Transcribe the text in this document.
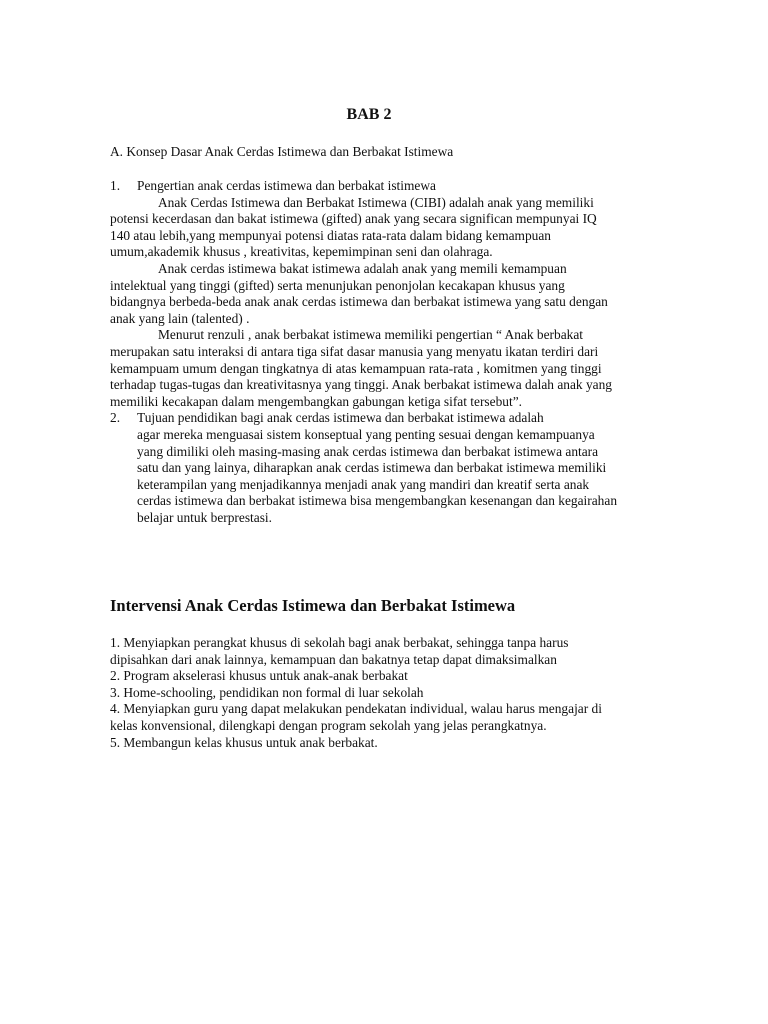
BAB 2

A. Konsep Dasar Anak Cerdas Istimewa dan Berbakat Istimewa

1.	Pengertian anak cerdas istimewa dan berbakat istimewa

Anak Cerdas Istimewa dan Berbakat Istimewa (CIBI) adalah anak yang memiliki potensi kecerdasan dan bakat istimewa (gifted) anak yang secara significan mempunyai IQ 140 atau lebih,yang mempunyai potensi diatas rata-rata dalam bidang kemampuan umum,akademik khusus , kreativitas, kepemimpinan seni dan olahraga.

Anak cerdas istimewa bakat istimewa adalah anak yang memili kemampuan intelektual yang tinggi (gifted) serta menunjukan penonjolan kecakapan khusus yang bidangnya berbeda-beda anak anak cerdas istimewa dan berbakat istimewa yang satu dengan anak yang lain (talented) .

Menurut renzuli , anak berbakat istimewa memiliki pengertian “ Anak berbakat merupakan satu interaksi di antara tiga sifat dasar manusia yang menyatu ikatan terdiri dari kemampuam umum dengan tingkatnya di atas kemampuan rata-rata , komitmen yang tinggi terhadap tugas-tugas dan kreativitasnya yang tinggi. Anak berbakat istimewa dalah anak yang memiliki kecakapan dalam mengembangkan gabungan ketiga sifat tersebut”.

2.	Tujuan pendidikan bagi anak cerdas istimewa dan berbakat istimewa adalah

agar mereka menguasai sistem konseptual yang penting sesuai dengan kemampuanya yang dimiliki oleh masing-masing anak cerdas istimewa dan berbakat istimewa antara satu dan yang lainya, diharapkan anak cerdas istimewa dan berbakat istimewa memiliki keterampilan yang menjadikannya menjadi anak yang mandiri dan kreatif serta anak cerdas istimewa dan berbakat istimewa bisa mengembangkan kesenangan dan kegairahan belajar untuk berprestasi.

Intervensi Anak Cerdas Istimewa dan Berbakat Istimewa

1. Menyiapkan perangkat khusus di sekolah bagi anak berbakat, sehingga tanpa harus dipisahkan dari anak lainnya, kemampuan dan bakatnya tetap dapat dimaksimalkan

2. Program akselerasi khusus untuk anak-anak berbakat

3. Home-schooling, pendidikan non formal di luar sekolah

4. Menyiapkan guru yang dapat melakukan pendekatan individual, walau harus mengajar di kelas konvensional, dilengkapi dengan program sekolah yang jelas perangkatnya.

5. Membangun kelas khusus untuk anak berbakat.
